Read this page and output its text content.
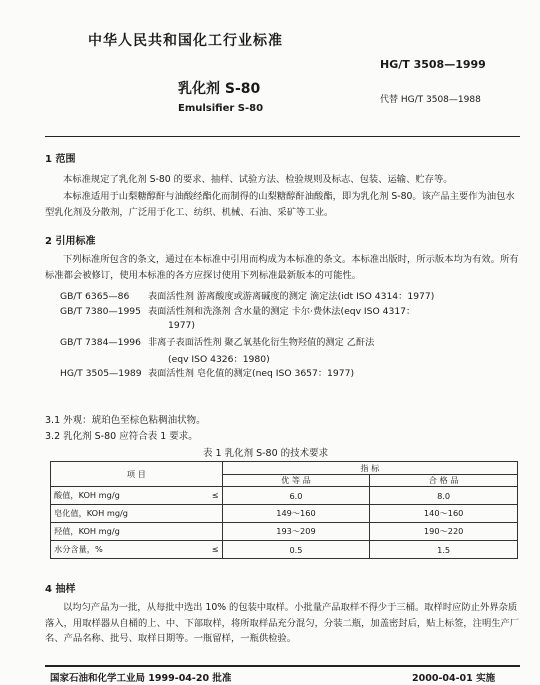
中华人民共和国化工行业标准
HG/T 3508—1999
乳化剂 S-80
代替 HG/T 3508—1988
Emulsifier S-80
1 范围
本标准规定了乳化剂 S-80 的要求、抽样、试验方法、检验规则及标志、包装、运输、贮存等。
本标准适用于山梨糖醇酐与油酸经酯化而制得的山梨糖醇酐油酸酯，即为乳化剂 S-80。该产品主要作为油包水型乳化剂及分散剂，广泛用于化工、纺织、机械、石油、采矿等工业。
2 引用标准
下列标准所包含的条文，通过在本标准中引用而构成为本标准的条文。本标准出版时，所示版本均为有效。所有标准都会被修订，使用本标准的各方应探讨使用下列标准最新版本的可能性。
GB/T 6365—86 表面活性剂 游离酸度或游离碱度的测定 滴定法(idt ISO 4314：1977)
GB/T 7380—1995 表面活性剂和洗涤剂 含水量的测定 卡尔·费休法(eqv ISO 4317：
1977)
GB/T 7384—1996 非离子表面活性剂 聚乙氧基化衍生物羟值的测定 乙酐法
(eqv ISO 4326：1980)
HG/T 3505—1989 表面活性剂 皂化值的测定(neq ISO 3657：1977)
3.1 外观：琥珀色至棕色粘稠油状物。
3.2 乳化剂 S-80 应符合表 1 要求。
表 1 乳化剂 S-80 的技术要求
项 目	指 标	
	优 等 品	合 格 品
酸值，KOH mg/g ≤	6.0	8.0
皂化值，KOH mg/g	149～160	140～160
羟值，KOH mg/g	193～209	190～220
水分含量，% ≤	0.5	1.5
4 抽样
以均匀产品为一批，从每批中选出 10% 的包装中取样。小批量产品取样不得少于三桶。取样时应防止外界杂质落入，用取样器从自桶的上、中、下部取样，将所取样品充分混匀，分装二瓶，加盖密封后，贴上标签，注明生产厂名、产品名称、批号、取样日期等。一瓶留样，一瓶供检验。
国家石油和化学工业局 1999-04-20 批准	2000-04-01 实施
